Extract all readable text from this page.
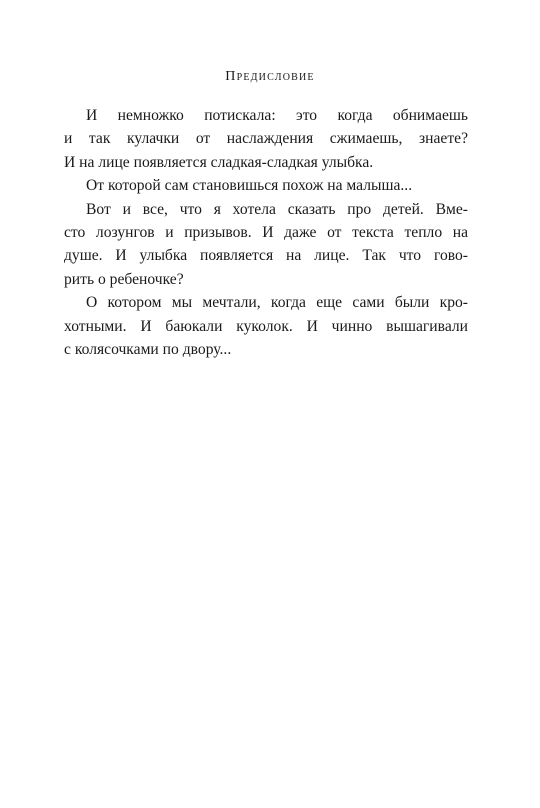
Предисловие
И немножко потискала: это когда обнимаешь
и так кулачки от наслаждения сжимаешь, знаете?
И на лице появляется сладкая-сладкая улыбка.
От которой сам становишься похож на малыша...
Вот и все, что я хотела сказать про детей. Вме-
сто лозунгов и призывов. И даже от текста тепло на
душе. И улыбка появляется на лице. Так что гово-
рить о ребеночке?
О котором мы мечтали, когда еще сами были кро-
хотными. И баюкали куколок. И чинно вышагивали
с колясочками по двору...
